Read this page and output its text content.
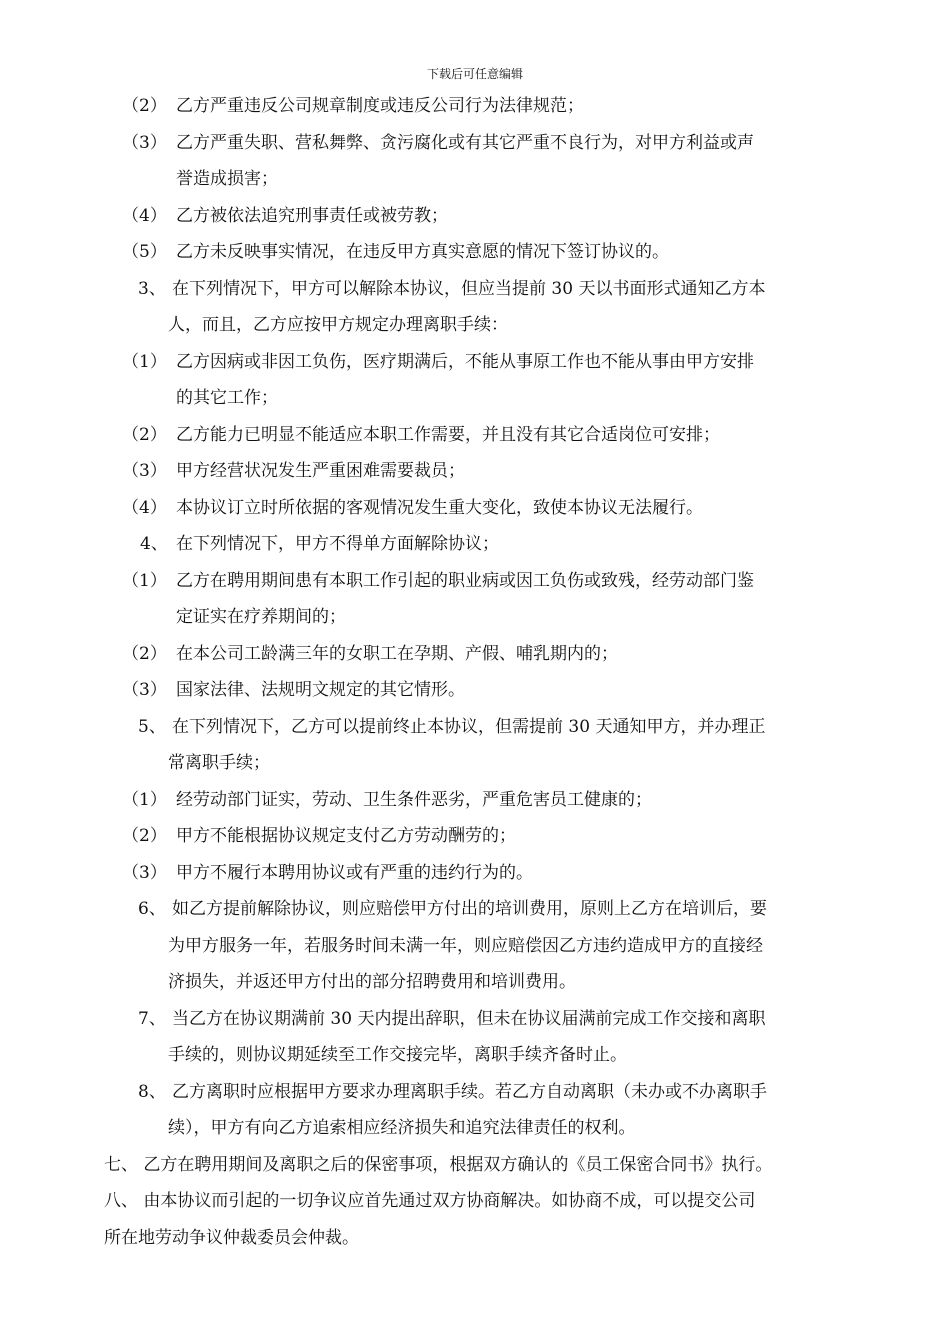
下载后可任意编辑
（2） 乙方严重违反公司规章制度或违反公司行为法律规范；
（3） 乙方严重失职、营私舞弊、贪污腐化或有其它严重不良行为，对甲方利益或声
誉造成损害；
（4） 乙方被依法追究刑事责任或被劳教；
（5） 乙方未反映事实情况，在违反甲方真实意愿的情况下签订协议的。
3、 在下列情况下，甲方可以解除本协议，但应当提前 30 天以书面形式通知乙方本
人，而且，乙方应按甲方规定办理离职手续：
（1） 乙方因病或非因工负伤，医疗期满后，不能从事原工作也不能从事由甲方安排
的其它工作；
（2） 乙方能力已明显不能适应本职工作需要，并且没有其它合适岗位可安排；
（3） 甲方经营状况发生严重困难需要裁员；
（4） 本协议订立时所依据的客观情况发生重大变化，致使本协议无法履行。
4、 在下列情况下，甲方不得单方面解除协议；
（1） 乙方在聘用期间患有本职工作引起的职业病或因工负伤或致残，经劳动部门鉴
定证实在疗养期间的；
（2） 在本公司工龄满三年的女职工在孕期、产假、哺乳期内的；
（3） 国家法律、法规明文规定的其它情形。
5、 在下列情况下，乙方可以提前终止本协议，但需提前 30 天通知甲方，并办理正
常离职手续；
（1） 经劳动部门证实，劳动、卫生条件恶劣，严重危害员工健康的；
（2） 甲方不能根据协议规定支付乙方劳动酬劳的；
（3） 甲方不履行本聘用协议或有严重的违约行为的。
6、 如乙方提前解除协议，则应赔偿甲方付出的培训费用，原则上乙方在培训后，要
为甲方服务一年，若服务时间未满一年，则应赔偿因乙方违约造成甲方的直接经
济损失，并返还甲方付出的部分招聘费用和培训费用。
7、 当乙方在协议期满前 30 天内提出辞职，但未在协议届满前完成工作交接和离职
手续的，则协议期延续至工作交接完毕，离职手续齐备时止。
8、 乙方离职时应根据甲方要求办理离职手续。若乙方自动离职（未办或不办离职手
续），甲方有向乙方追索相应经济损失和追究法律责任的权利。
七、 乙方在聘用期间及离职之后的保密事项，根据双方确认的《员工保密合同书》执行。
八、 由本协议而引起的一切争议应首先通过双方协商解决。如协商不成，可以提交公司
所在地劳动争议仲裁委员会仲裁。
